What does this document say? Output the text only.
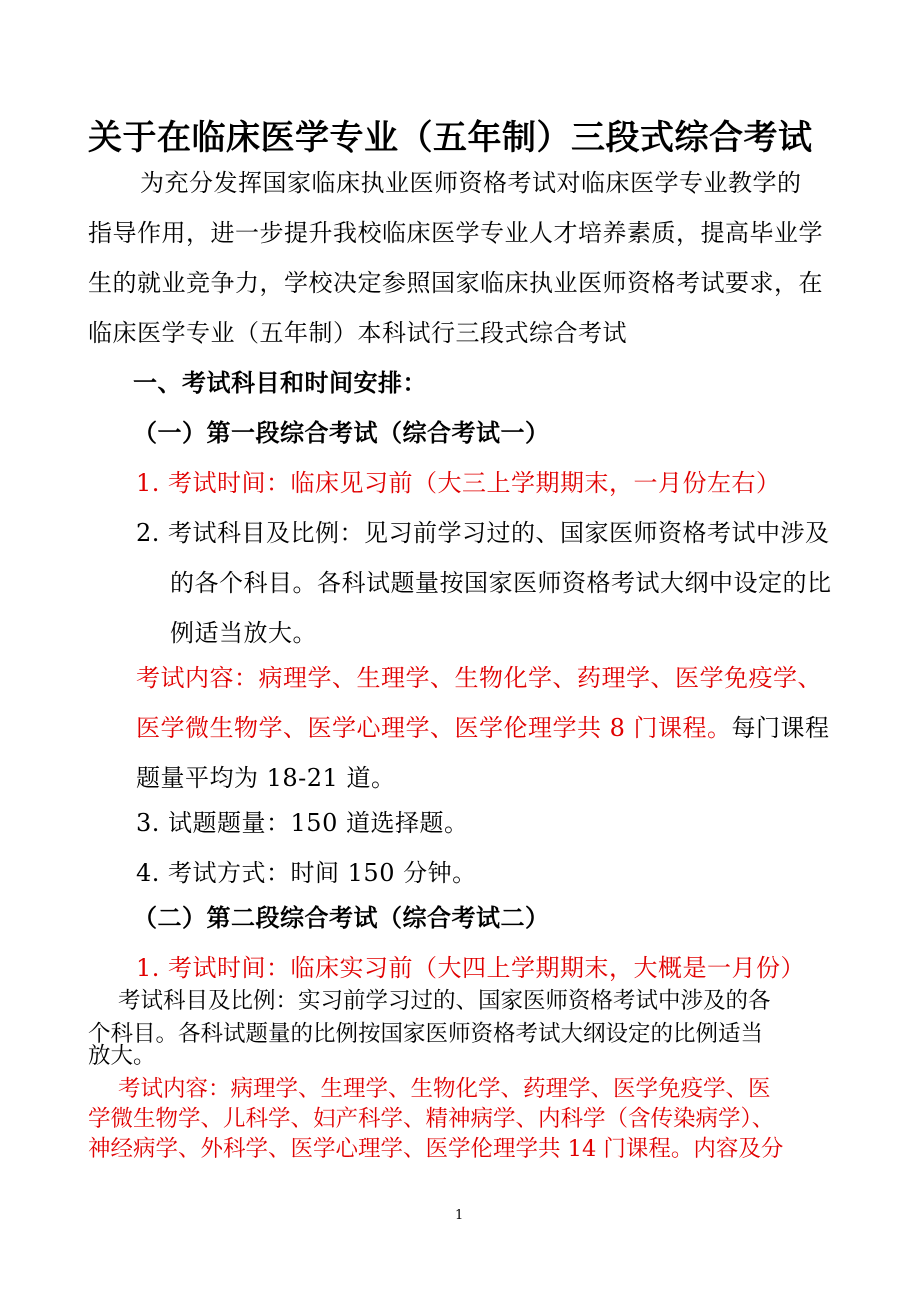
关于在临床医学专业（五年制）三段式综合考试
为充分发挥国家临床执业医师资格考试对临床医学专业教学的
指导作用，进一步提升我校临床医学专业人才培养素质，提高毕业学
生的就业竞争力，学校决定参照国家临床执业医师资格考试要求，在
临床医学专业（五年制）本科试行三段式综合考试
一、考试科目和时间安排：
（一）第一段综合考试（综合考试一）
1. 考试时间：临床见习前（大三上学期期末，一月份左右）
2. 考试科目及比例：见习前学习过的、国家医师资格考试中涉及
的各个科目。各科试题量按国家医师资格考试大纲中设定的比
例适当放大。
考试内容：病理学、生理学、生物化学、药理学、医学免疫学、
医学微生物学、医学心理学、医学伦理学共 8 门课程。每门课程
题量平均为 18-21 道。
3. 试题题量：150 道选择题。
4. 考试方式：时间 150 分钟。
（二）第二段综合考试（综合考试二）
1. 考试时间：临床实习前（大四上学期期末，大概是一月份）
考试科目及比例：实习前学习过的、国家医师资格考试中涉及的各
个科目。各科试题量的比例按国家医师资格考试大纲设定的比例适当
放大。
考试内容：病理学、生理学、生物化学、药理学、医学免疫学、医
学微生物学、儿科学、妇产科学、精神病学、内科学（含传染病学）、
神经病学、外科学、医学心理学、医学伦理学共 14 门课程。内容及分
1
